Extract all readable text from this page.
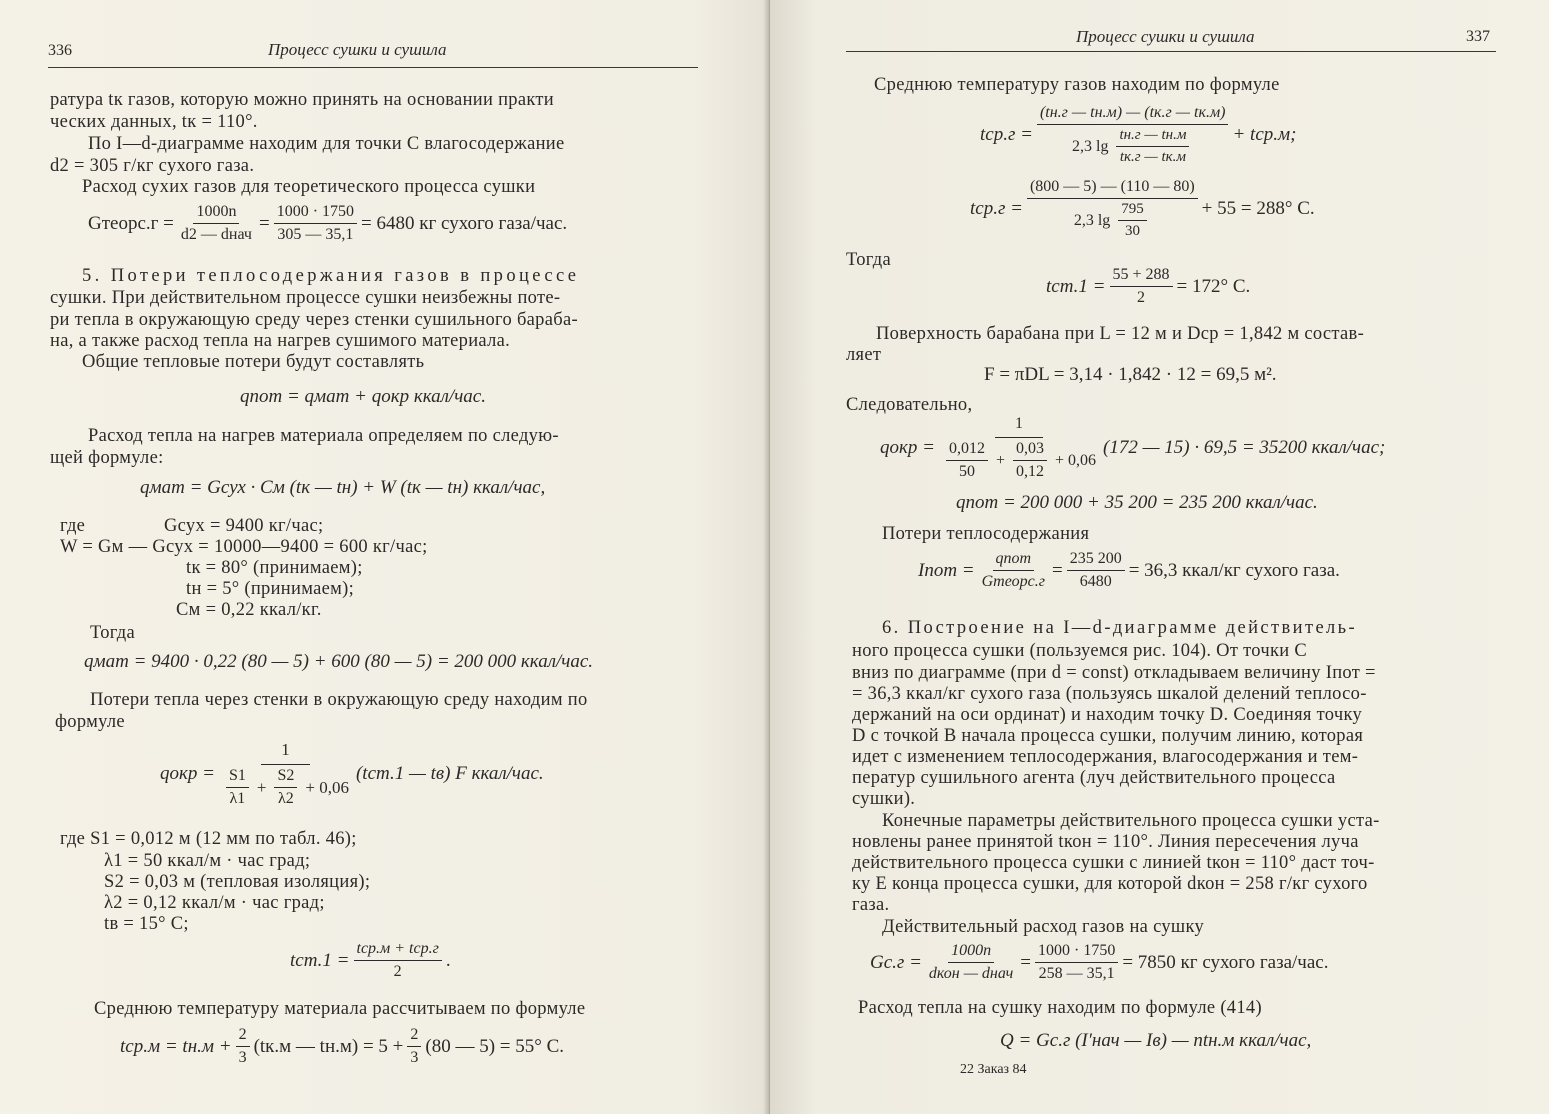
336	Процесс сушки и сушила
ратура tк газов, которую можно принять на основании практи
ческих данных, tк = 110°.
По I—d-диаграмме находим для точки C влагосодержание
d2 = 305 г/кг сухого газа.
Расход сухих газов для теоретического процесса сушки
Gтеорс.г = $\frac{1000n}{\text{d2 — dнач}} = \frac{1000 \cdot 1750}{305 — 35,1} = 6480$ кг сухого газа/час.
5. Потери теплосодержания газов в процессе
сушки. При действительном процессе сушки неизбежны поте-
ри тепла в окружающую среду через стенки сушильного бараба-
на, а также расход тепла на нагрев сушимого материала.
Общие тепловые потери будут составлять
qпот = qмат + qокр ккал/час.
Расход тепла на нагрев материала определяем по следую-
щей формуле:
qмат = Gсух · Cм (tк — tн) + W (tк — tн) ккал/час,
где	Gсух = 9400 кг/час;
W = Gм — Gсух = 10000—9400 = 600 кг/час;
tк = 80° (принимаем);
tн = 5° (принимаем);
Cм = 0,22 ккал/кг.
Тогда
qмат = 9400 · 0,22 (80 — 5) + 600 (80 — 5) = 200 000 ккал/час.
Потери тепла через стенки в окружающую среду находим по
формуле
qокр = $\frac{1}{\frac{S1}{\lambda 1} + \frac{S2}{\lambda 2} + 0,06} (tст.1$ — tв) F ккал/час.
где S1 = 0,012 м (12 мм по табл. 46);
λ1 = 50 ккал/м · час град;
S2 = 0,03 м (тепловая изоляция);
λ2 = 0,12 ккал/м · час град;
tв = 15° C;
$tст.1 = \frac{\text{tср.м + tср.г}}{2}$ .
Среднюю температуру материала рассчитываем по формуле
$tср.м = tн.м + \frac{2}{3} (tк.м$ — $tн.м) = 5 + \frac{2}{3} (80$ — 5) = 55° C.
Процесс сушки и сушила	337
Среднюю температуру газов находим по формуле
$tср.г = \frac{(tн.г — tн.м) — (tк.г — tк.м)}{2,3 \lg \frac{tн.г — tн.м}{tк.г — tк.м}} + tср.м$;
$tср.г = \frac{(800 — 5) — (110 — 80)}{2,3 \lg \frac{795}{30}} + 55 = 288^\circ$ C.
Тогда
$tст.1 = \frac{55 + 288}{2} = 172^\circ$ C.
Поверхность барабана при L = 12 м и Dср = 1,842 м состав-
ляет
F = πDL = 3,14 · 1,842 · 12 = 69,5 м².
Следовательно,
qокр = $\frac{1}{\frac{0,012}{50} + \frac{0,03}{0,12} + 0,06} (172$ — 15) · 69,5 = 35200 ккал/час;
qпот = 200 000 + 35 200 = 235 200 ккал/час.
Потери теплосодержания
Iпот = $\frac{\text{qпот}}{\text{Gтеорс.г}} = \frac{235 200}{6480} = 36,3$ ккал/кг сухого газа.
6. Построение на I—d-диаграмме действитель-
ного процесса сушки (пользуемся рис. 104). От точки C
вниз по диаграмме (при d = const) откладываем величину Iпот =
= 36,3 ккал/кг сухого газа (пользуясь шкалой делений теплосо-
держаний на оси ординат) и находим точку D. Соединяя точку
D с точкой B начала процесса сушки, получим линию, которая
идет с изменением теплосодержания, влагосодержания и тем-
ператур сушильного агента (луч действительного процесса
сушки).
Конечные параметры действительного процесса сушки уста-
новлены ранее принятой tкон = 110°. Линия пересечения луча
действительного процесса сушки с линией tкон = 110° даст точ-
ку E конца процесса сушки, для которой dкон = 258 г/кг сухого
газа.
Действительный расход газов на сушку
$Gс.г = \frac{1000n}{\text{dкон — dнач}} = \frac{1000 \cdot 1750}{258 — 35,1} = 7850$ кг сухого газа/час.
Расход тепла на сушку находим по формуле (414)
Q = Gс.г (I′нач — Iв) — ntн.м ккал/час,
22 Заказ 84
